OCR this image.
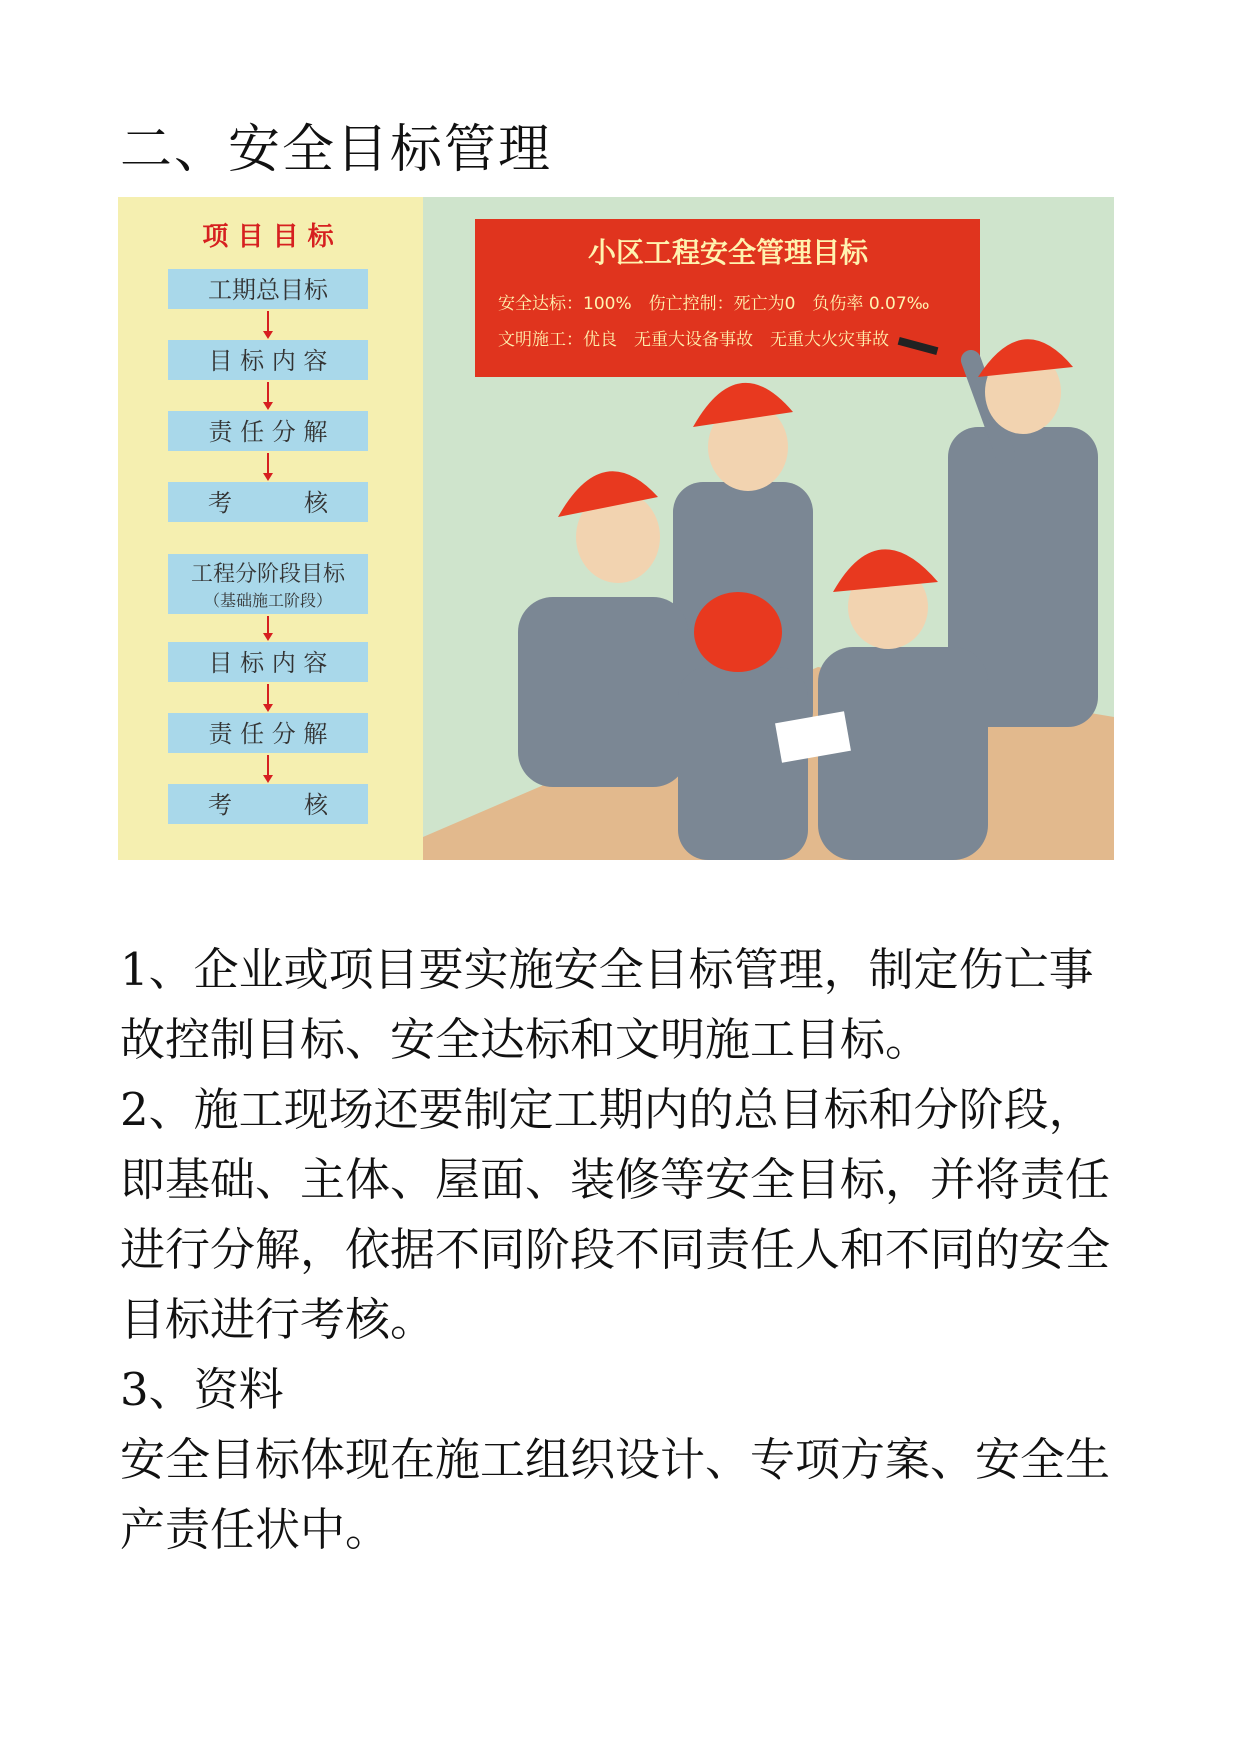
二、安全目标管理
项 目 目 标
工期总目标
目 标 内 容
责 任 分 解
考　　　核
工程分阶段目标
（基础施工阶段）
目 标 内 容
责 任 分 解
考　　　核
小区工程安全管理目标
安全达标：100%　伤亡控制：死亡为0　负伤率 0.07‰
文明施工：优良　无重大设备事故　无重大火灾事故

1、企业或项目要实施安全目标管理，制定伤亡事故控制目标、安全达标和文明施工目标。

2、施工现场还要制定工期内的总目标和分阶段，即基础、主体、屋面、装修等安全目标，并将责任进行分解，依据不同阶段不同责任人和不同的安全目标进行考核。

3、资料

安全目标体现在施工组织设计、专项方案、安全生产责任状中。
